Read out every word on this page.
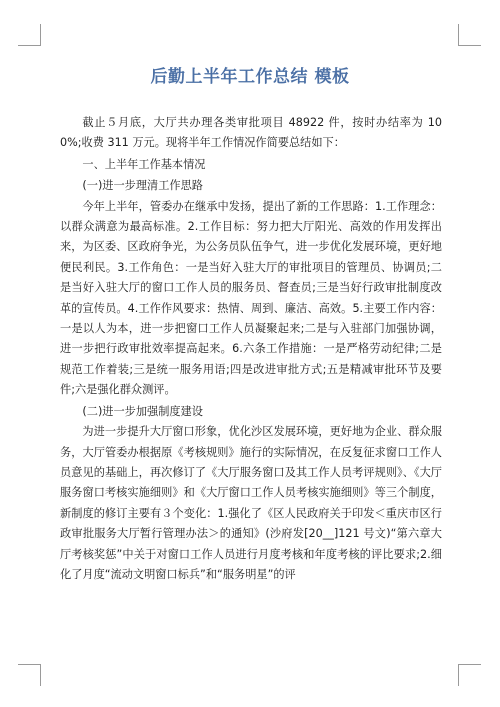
后勤上半年工作总结 模板

截止５月底，大厅共办理各类审批项目 48922 件，按时办结率为 100%;收费 311 万元。现将半年工作情况作简要总结如下：

一、上半年工作基本情况

(一)进一步理清工作思路

今年上半年，管委办在继承中发扬，提出了新的工作思路：1.工作理念：以群众满意为最高标准。2.工作目标：努力把大厅阳光、高效的作用发挥出来，为区委、区政府争光，为公务员队伍争气，进一步优化发展环境，更好地便民利民。3.工作角色：一是当好入驻大厅的审批项目的管理员、协调员;二是当好入驻大厅的窗口工作人员的服务员、督查员;三是当好行政审批制度改革的宣传员。4.工作作风要求：热情、周到、廉洁、高效。5.主要工作内容：一是以人为本，进一步把窗口工作人员凝聚起来;二是与入驻部门加强协调，进一步把行政审批效率提高起来。6.六条工作措施：一是严格劳动纪律;二是规范工作着装;三是统一服务用语;四是改进审批方式;五是精减审批环节及要件;六是强化群众测评。

(二)进一步加强制度建设

为进一步提升大厅窗口形象，优化沙区发展环境，更好地为企业、群众服务，大厅管委办根据原《考核规则》施行的实际情况，在反复征求窗口工作人员意见的基础上，再次修订了《大厅服务窗口及其工作人员考评规则》、《大厅服务窗口考核实施细则》和《大厅窗口工作人员考核实施细则》等三个制度，新制度的修订主要有３个变化：1.强化了《区人民政府关于印发＜重庆市区行政审批服务大厅暂行管理办法＞的通知》(沙府发[20__]121 号文)“第六章大厅考核奖惩”中关于对窗口工作人员进行月度考核和年度考核的评比要求;2.细化了月度“流动文明窗口标兵”和“服务明星”的评
